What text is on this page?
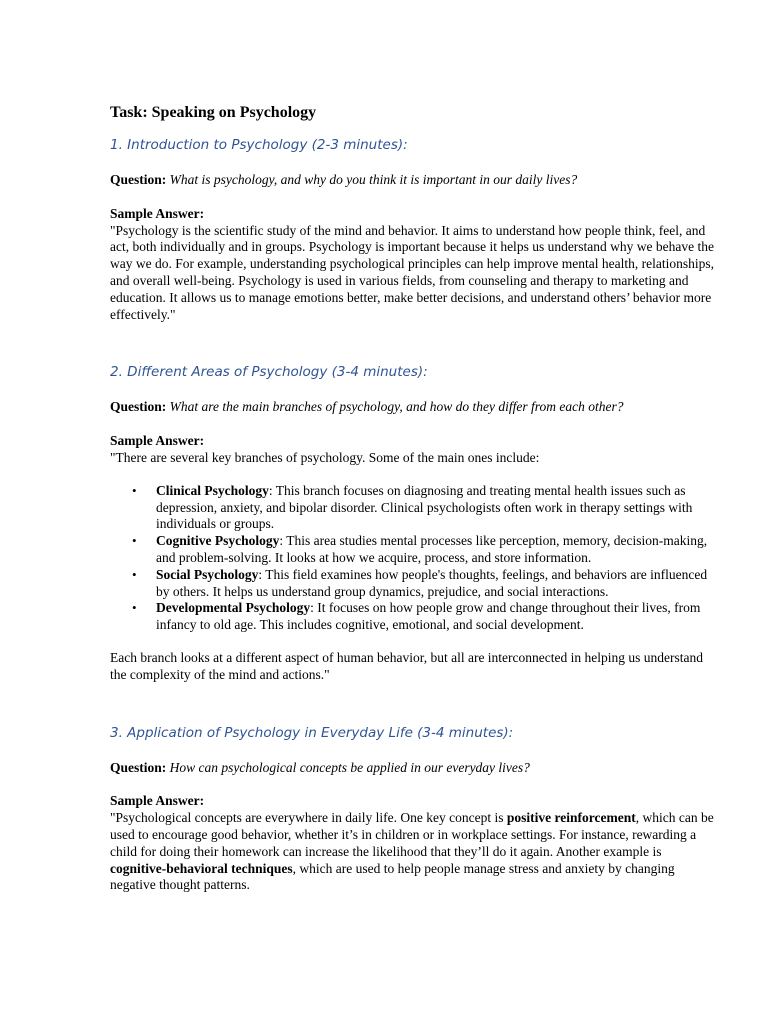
Task: Speaking on Psychology
1. Introduction to Psychology (2-3 minutes):

Question: What is psychology, and why do you think it is important in our daily lives?

Sample Answer:

"Psychology is the scientific study of the mind and behavior. It aims to understand how people think, feel, and act, both individually and in groups. Psychology is important because it helps us understand why we behave the way we do. For example, understanding psychological principles can help improve mental health, relationships, and overall well-being. Psychology is used in various fields, from counseling and therapy to marketing and education. It allows us to manage emotions better, make better decisions, and understand others’ behavior more effectively."

2. Different Areas of Psychology (3-4 minutes):

Question: What are the main branches of psychology, and how do they differ from each other?

Sample Answer:

"There are several key branches of psychology. Some of the main ones include:

• Clinical Psychology: This branch focuses on diagnosing and treating mental health issues such as depression, anxiety, and bipolar disorder. Clinical psychologists often work in therapy settings with individuals or groups.
• Cognitive Psychology: This area studies mental processes like perception, memory, decision-making, and problem-solving. It looks at how we acquire, process, and store information.
• Social Psychology: This field examines how people's thoughts, feelings, and behaviors are influenced by others. It helps us understand group dynamics, prejudice, and social interactions.
• Developmental Psychology: It focuses on how people grow and change throughout their lives, from infancy to old age. This includes cognitive, emotional, and social development.

Each branch looks at a different aspect of human behavior, but all are interconnected in helping us understand the complexity of the mind and actions."

3. Application of Psychology in Everyday Life (3-4 minutes):

Question: How can psychological concepts be applied in our everyday lives?

Sample Answer:

"Psychological concepts are everywhere in daily life. One key concept is positive reinforcement, which can be used to encourage good behavior, whether it’s in children or in workplace settings. For instance, rewarding a child for doing their homework can increase the likelihood that they’ll do it again. Another example is cognitive-behavioral techniques, which are used to help people manage stress and anxiety by changing negative thought patterns.
